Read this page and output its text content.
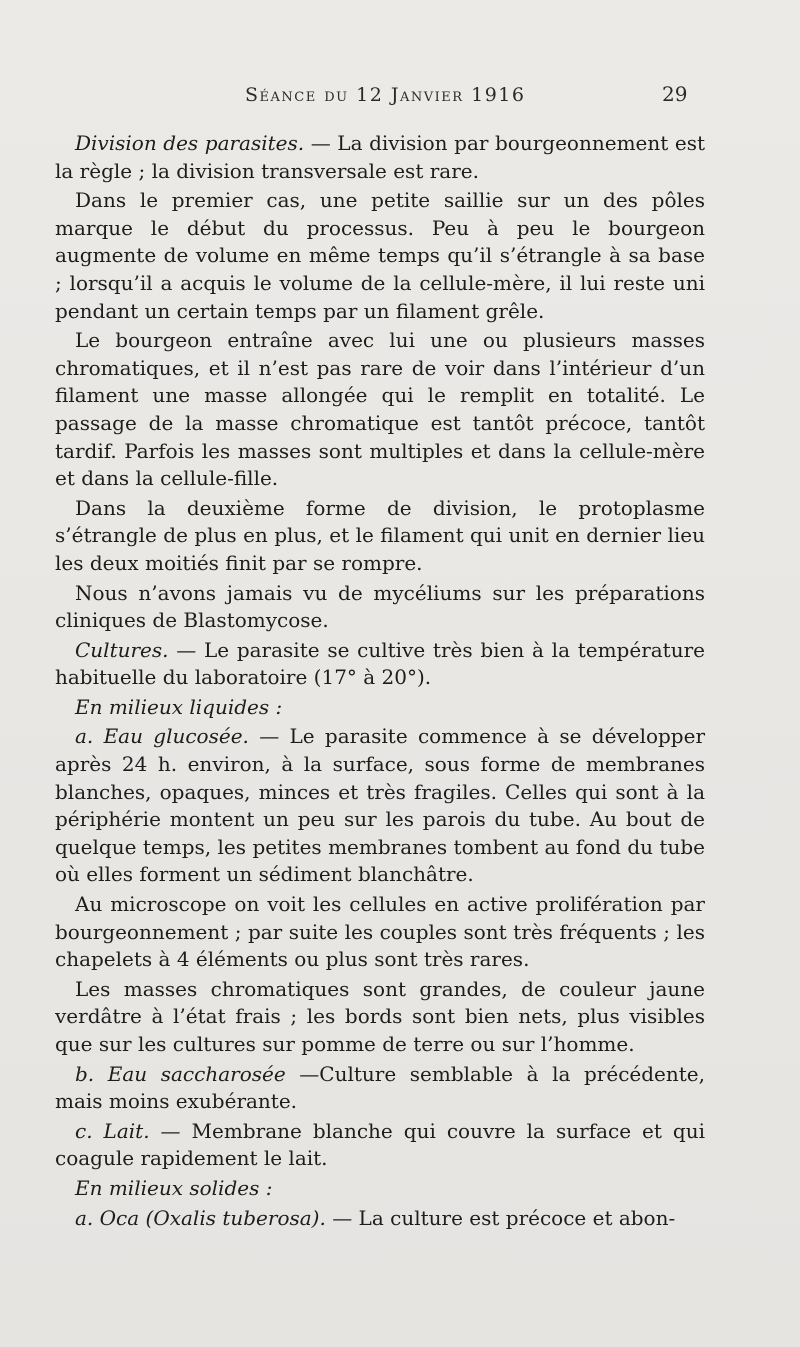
Séance du 12 Janvier 1916	29

Division des parasites. — La division par bourgeonnement est la règle ; la division transversale est rare.

Dans le premier cas, une petite saillie sur un des pôles marque le début du processus. Peu à peu le bourgeon augmente de volume en même temps qu’il s’étrangle à sa base ; lorsqu’il a acquis le volume de la cellule-mère, il lui reste uni pendant un certain temps par un filament grêle.

Le bourgeon entraîne avec lui une ou plusieurs masses chromatiques, et il n’est pas rare de voir dans l’intérieur d’un filament une masse allongée qui le remplit en totalité. Le passage de la masse chromatique est tantôt précoce, tantôt tardif. Parfois les masses sont multiples et dans la cellule-mère et dans la cellule-fille.

Dans la deuxième forme de division, le protoplasme s’étrangle de plus en plus, et le filament qui unit en dernier lieu les deux moitiés finit par se rompre.

Nous n’avons jamais vu de mycéliums sur les préparations cliniques de Blastomycose.

Cultures. — Le parasite se cultive très bien à la température habituelle du laboratoire (17° à 20°).

En milieux liquides :

a. Eau glucosée. — Le parasite commence à se développer après 24 h. environ, à la surface, sous forme de membranes blanches, opaques, minces et très fragiles. Celles qui sont à la périphérie montent un peu sur les parois du tube. Au bout de quelque temps, les petites membranes tombent au fond du tube où elles forment un sédiment blanchâtre.

Au microscope on voit les cellules en active prolifération par bourgeonnement ; par suite les couples sont très fréquents ; les chapelets à 4 éléments ou plus sont très rares.

Les masses chromatiques sont grandes, de couleur jaune verdâtre à l’état frais ; les bords sont bien nets, plus visibles que sur les cultures sur pomme de terre ou sur l’homme.

b. Eau saccharosée —Culture semblable à la précédente, mais moins exubérante.

c. Lait. — Membrane blanche qui couvre la surface et qui coagule rapidement le lait.

En milieux solides :

a. Oca (Oxalis tuberosa). — La culture est précoce et abon-
